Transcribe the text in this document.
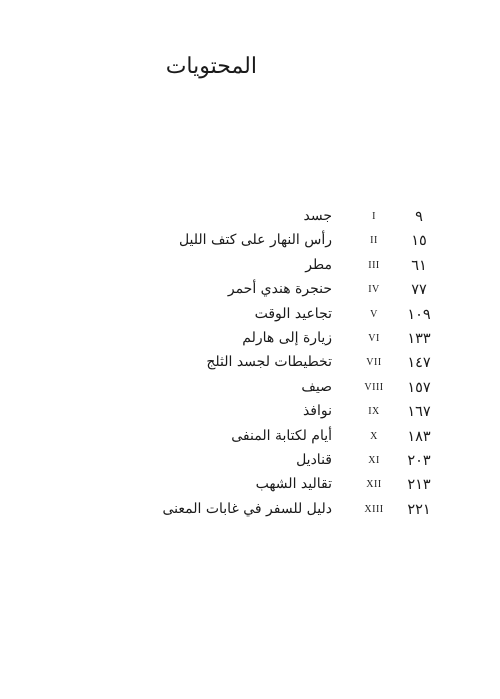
المحتويات
٩
I
جسد
١٥
II
رأس النهار على كتف الليل
٦١
III
مطر
٧٧
IV
حنجرة هندي أحمر
١٠٩
V
تجاعيد الوقت
١٣٣
VI
زيارة إلى هارلم
١٤٧
VII
تخطيطات لجسد الثلج
١٥٧
VIII
صيف
١٦٧
IX
نوافذ
١٨٣
X
أيام لكتابة المنفى
٢٠٣
XI
قناديل
٢١٣
XII
تقاليد الشهب
٢٢١
XIII
دليل للسفر في غابات المعنى
